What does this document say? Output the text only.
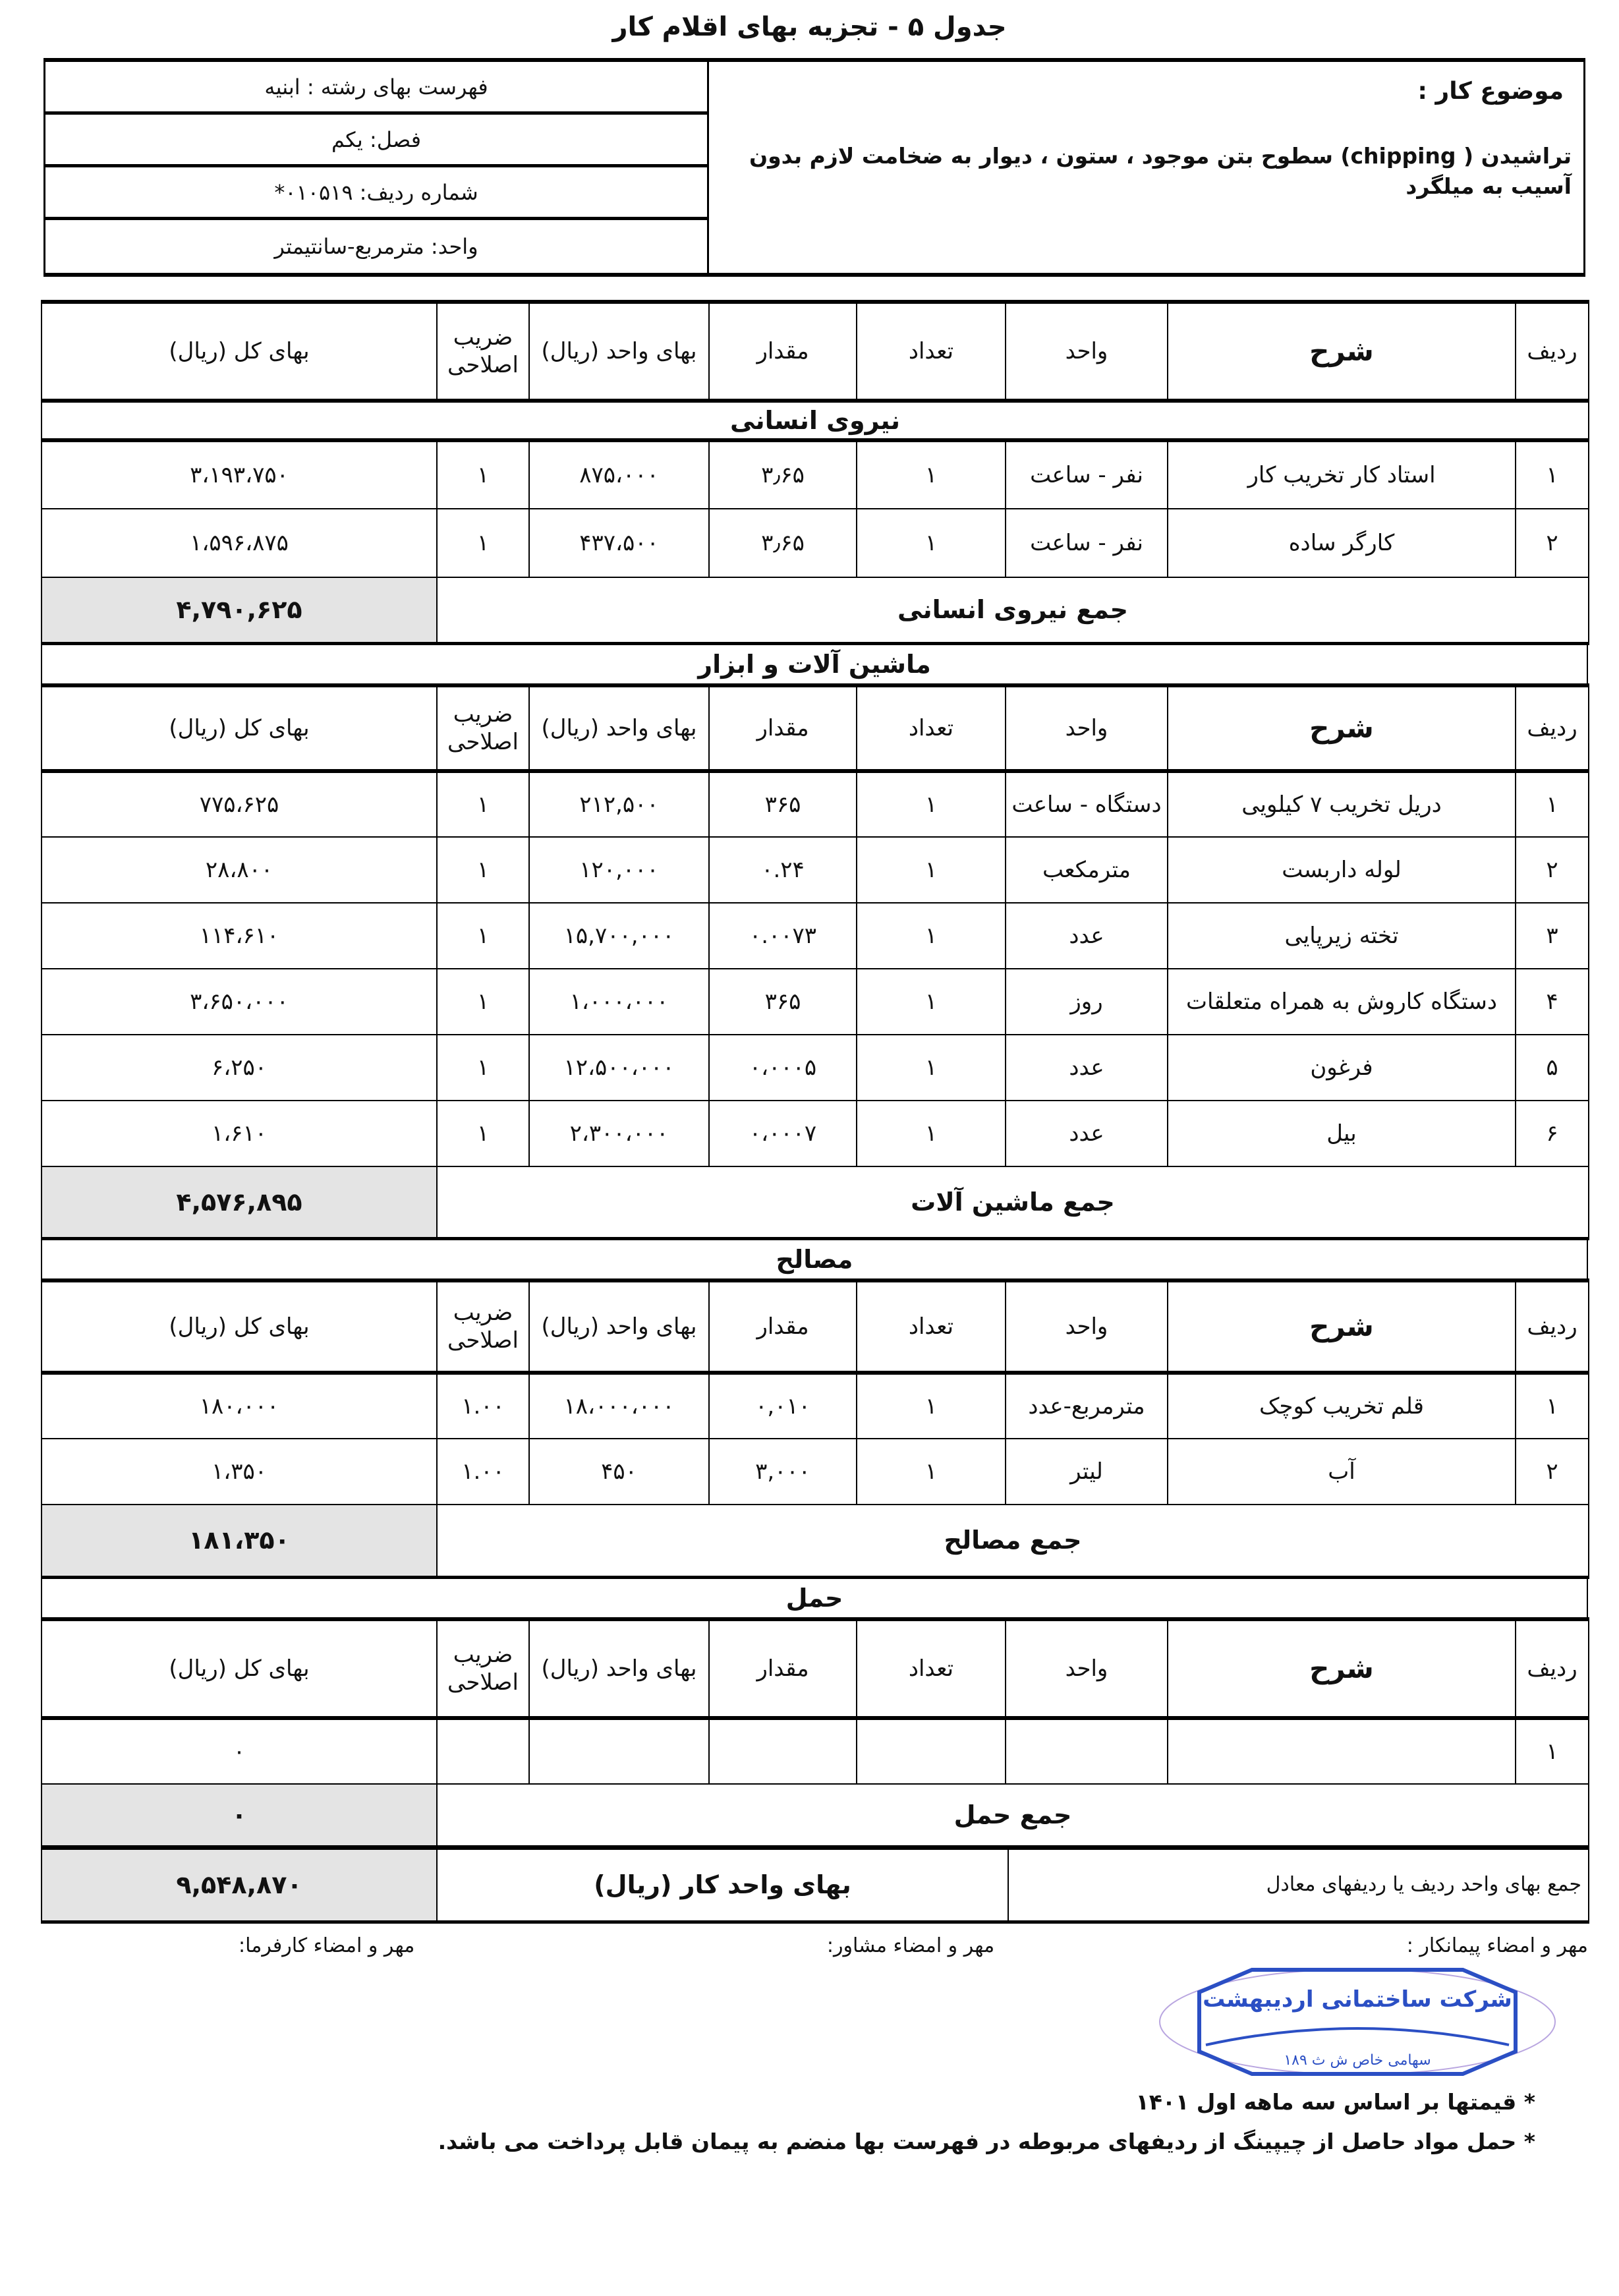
جدول ۵ - تجزیه بهای اقلام کار
فهرست بهای رشته : ابنیه
فصل: یکم
شماره ردیف: ۰۱۰۵۱۹*
واحد: مترمربع-سانتیمتر
موضوع کار :
تراشیدن ( chipping) سطوح بتن موجود ، ستون ، دیوار به ضخامت لازم بدون آسیب به میلگرد
ردیف	شرح	واحد	تعداد	مقدار	بهای واحد (ریال)	ضریب اصلاحی	بهای کل (ریال)
نیروی انسانی							
۱	استاد کار تخریب کار	نفر - ساعت	۱	۳٫۶۵	۸۷۵،۰۰۰	۱	۳،۱۹۳،۷۵۰
۲	کارگر ساده	نفر - ساعت	۱	۳٫۶۵	۴۳۷،۵۰۰	۱	۱،۵۹۶،۸۷۵
جمع نیروی انسانی							۴,۷۹۰,۶۲۵
ماشین آلات و ابزار
ردیف	شرح	واحد	تعداد	مقدار	بهای واحد (ریال)	ضریب اصلاحی	بهای کل (ریال)
۱	دریل تخریب ۷ کیلویی	دستگاه - ساعت	۱	۳۶۵	۲۱۲,۵۰۰	۱	۷۷۵،۶۲۵
۲	لوله داربست	مترمکعب	۱	۰.۲۴	۱۲۰,۰۰۰	۱	۲۸،۸۰۰
۳	تخته زیرپایی	عدد	۱	۰.۰۰۷۳	۱۵,۷۰۰,۰۰۰	۱	۱۱۴،۶۱۰
۴	دستگاه کاروش به همراه متعلقات	روز	۱	۳۶۵	۱،۰۰۰،۰۰۰	۱	۳،۶۵۰،۰۰۰
۵	فرغون	عدد	۱	۰،۰۰۰۵	۱۲،۵۰۰،۰۰۰	۱	۶،۲۵۰
۶	بیل	عدد	۱	۰،۰۰۰۷	۲،۳۰۰،۰۰۰	۱	۱،۶۱۰
جمع ماشین آلات							۴,۵۷۶,۸۹۵
مصالح
ردیف	شرح	واحد	تعداد	مقدار	بهای واحد (ریال)	ضریب اصلاحی	بهای کل (ریال)
۱	قلم تخریب کوچک	مترمربع-عدد	۱	۰,۰۱۰	۱۸،۰۰۰،۰۰۰	۱.۰۰	۱۸۰،۰۰۰
۲	آب	لیتر	۱	۳,۰۰۰	۴۵۰	۱.۰۰	۱،۳۵۰
جمع مصالح							۱۸۱،۳۵۰
حمل
ردیف	شرح	واحد	تعداد	مقدار	بهای واحد (ریال)	ضریب اصلاحی	بهای کل (ریال)
۱							۰
جمع حمل							۰
جمع بهای واحد ردیف یا ردیفهای معادل	بهای واحد کار (ریال)	۹,۵۴۸,۸۷۰
مهر و امضاء پیمانکار :
مهر و امضاء مشاور:
مهر و امضاء کارفرما:
شرکت ساختمانی اردیبهشت
سهامی خاص ش ث ۱۸۹
* قیمتها بر اساس سه ماهه اول ۱۴۰۱
* حمل مواد حاصل از چیپینگ از ردیفهای مربوطه در فهرست بها منضم به پیمان قابل پرداخت می باشد.
